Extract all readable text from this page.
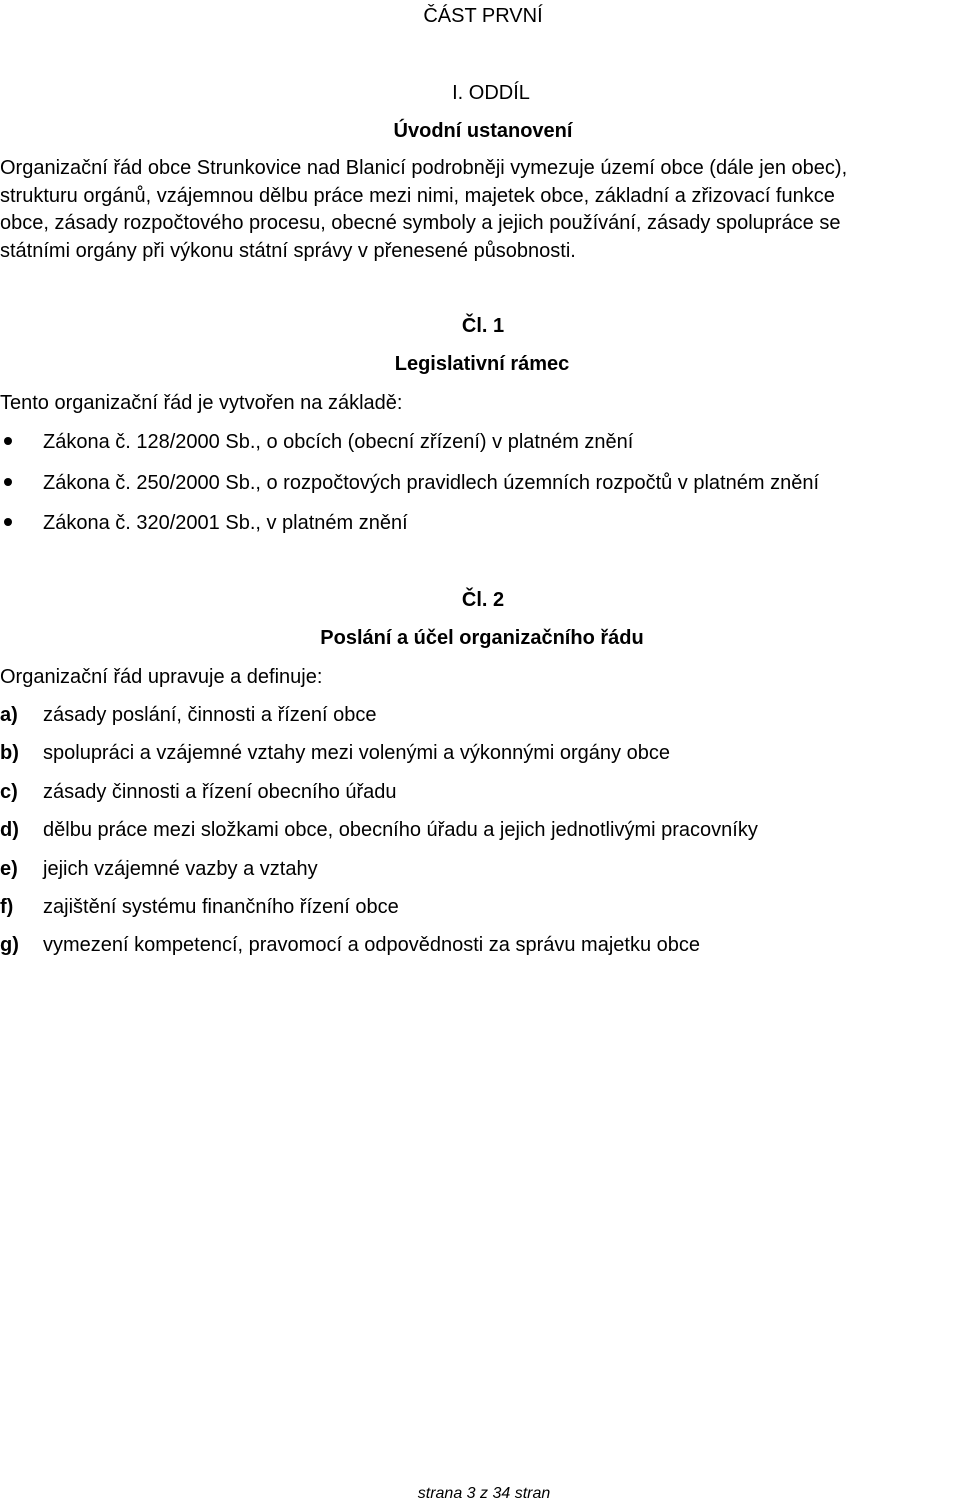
ČÁST PRVNÍ
I. ODDÍL
Úvodní ustanovení
Organizační řád obce Strunkovice nad Blanicí podrobněji vymezuje území obce (dále jen obec),
strukturu orgánů, vzájemnou dělbu práce mezi nimi, majetek obce, základní a zřizovací funkce
obce, zásady rozpočtového procesu, obecné symboly a jejich používání, zásady spolupráce se
státními orgány při výkonu státní správy v přenesené působnosti.
Čl. 1
Legislativní rámec
Tento organizační řád je vytvořen na základě:
Zákona č. 128/2000 Sb., o obcích (obecní zřízení) v platném znění
Zákona č. 250/2000 Sb., o rozpočtových pravidlech územních rozpočtů v platném znění
Zákona č. 320/2001 Sb., v platném znění
Čl. 2
Poslání a účel organizačního řádu
Organizační řád upravuje a definuje:
a) zásady poslání, činnosti a řízení obce
b) spolupráci a vzájemné vztahy mezi volenými a výkonnými orgány obce
c) zásady činnosti a řízení obecního úřadu
d) dělbu práce mezi složkami obce, obecního úřadu a jejich jednotlivými pracovníky
e) jejich vzájemné vazby a vztahy
f) zajištění systému finančního řízení obce
g) vymezení kompetencí, pravomocí a odpovědnosti za správu majetku obce
strana 3 z 34 stran
